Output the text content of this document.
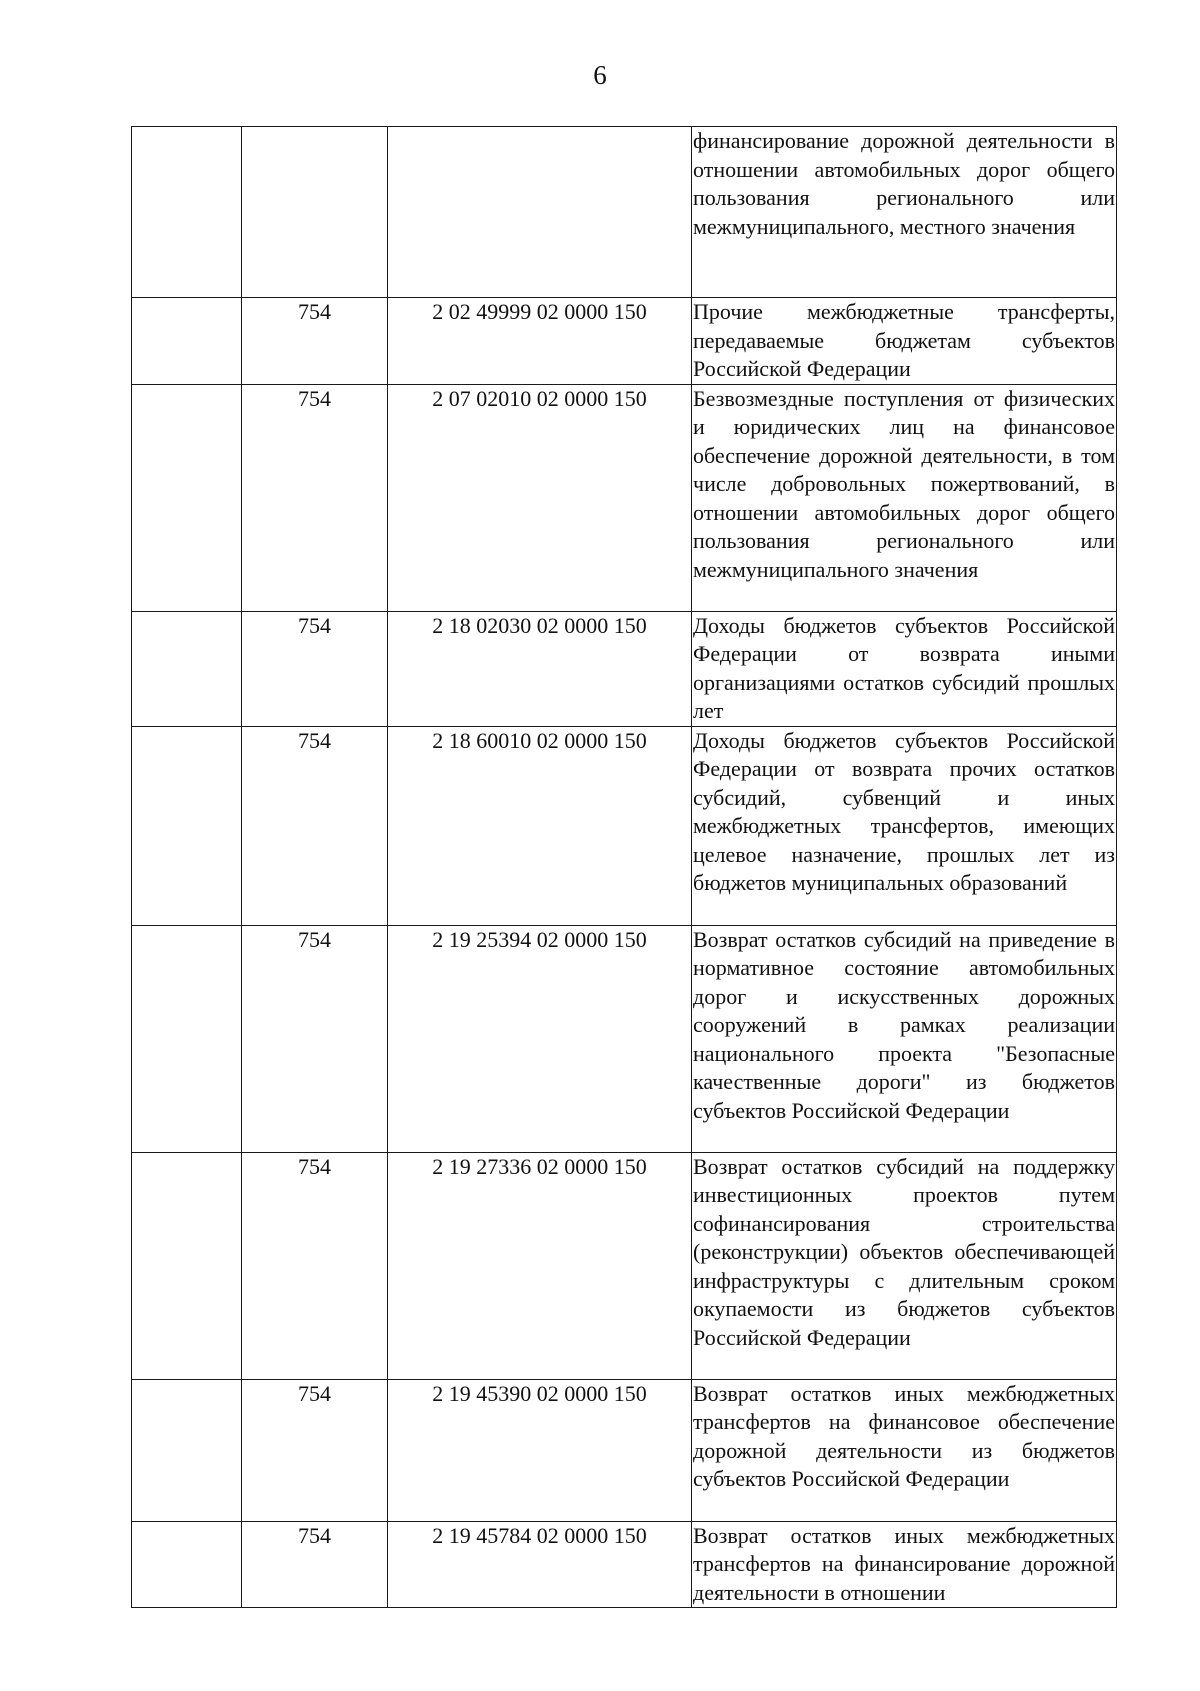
6
			финансирование дорожной деятельности в отношении автомобильных дорог общего пользования регионального или межмуниципального, местного значения
	754	2 02 49999 02 0000 150	Прочие межбюджетные трансферты, передаваемые бюджетам субъектов Российской Федерации
	754	2 07 02010 02 0000 150	Безвозмездные поступления от физических и юридических лиц на финансовое обеспечение дорожной деятельности, в том числе добровольных пожертвований, в отношении автомобильных дорог общего пользования регионального или межмуниципального значения
	754	2 18 02030 02 0000 150	Доходы бюджетов субъектов Российской Федерации от возврата иными организациями остатков субсидий прошлых лет
	754	2 18 60010 02 0000 150	Доходы бюджетов субъектов Российской Федерации от возврата прочих остатков субсидий, субвенций и иных межбюджетных трансфертов, имеющих целевое назначение, прошлых лет из бюджетов муниципальных образований
	754	2 19 25394 02 0000 150	Возврат остатков субсидий на приведение в нормативное состояние автомобильных дорог и искусственных дорожных сооружений в рамках реализации национального проекта "Безопасные качественные дороги" из бюджетов субъектов Российской Федерации
	754	2 19 27336 02 0000 150	Возврат остатков субсидий на поддержку инвестиционных проектов путем софинансирования строительства (реконструкции) объектов обеспечивающей инфраструктуры с длительным сроком окупаемости из бюджетов субъектов Российской Федерации
	754	2 19 45390 02 0000 150	Возврат остатков иных межбюджетных трансфертов на финансовое обеспечение дорожной деятельности из бюджетов субъектов Российской Федерации
	754	2 19 45784 02 0000 150	Возврат остатков иных межбюджетных трансфертов на финансирование дорожной деятельности в отношении
